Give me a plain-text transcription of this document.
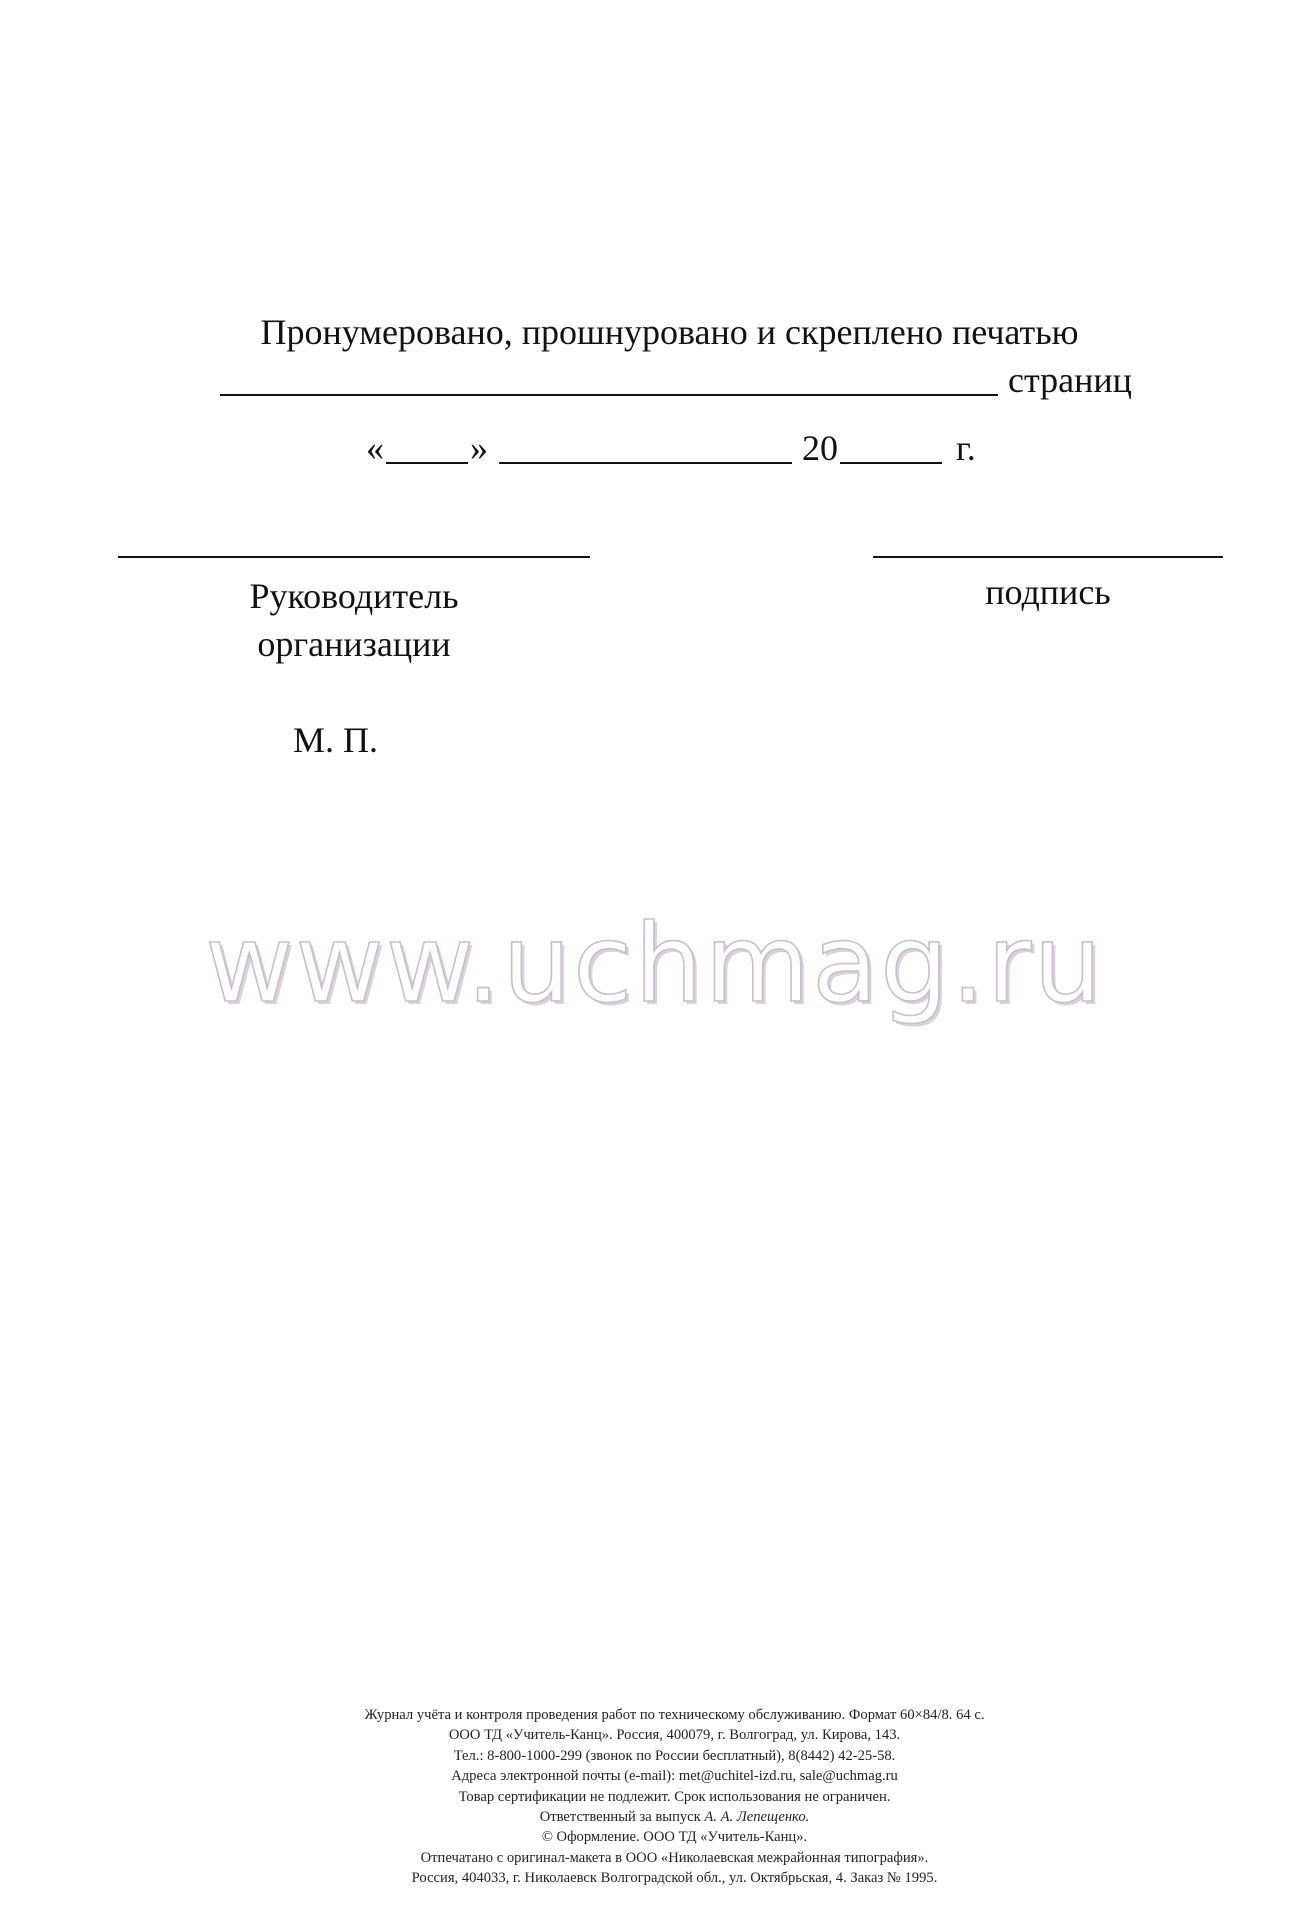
Пронумеровано, прошнуровано и скреплено печатью
страниц
« »	20	г.
Руководитель
организации
подпись
М. П.
www.uchmag.ru
Журнал учёта и контроля проведения работ по техническому обслуживанию. Формат 60×84/8. 64 с.
ООО ТД «Учитель-Канц». Россия, 400079, г. Волгоград, ул. Кирова, 143.
Тел.: 8-800-1000-299 (звонок по России бесплатный), 8(8442) 42-25-58.
Адреса электронной почты (e-mail): met@uchitel-izd.ru, sale@uchmag.ru
Товар сертификации не подлежит. Срок использования не ограничен.
Ответственный за выпуск А. А. Лепещенко.
© Оформление. ООО ТД «Учитель-Канц».
Отпечатано с оригинал-макета в ООО «Николаевская межрайонная типография».
Россия, 404033, г. Николаевск Волгоградской обл., ул. Октябрьская, 4. Заказ № 1995.
